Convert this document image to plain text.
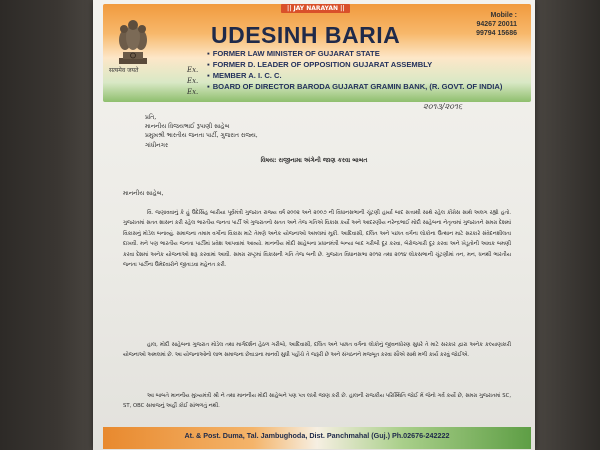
सत्यमेव जयते
|| JAY NARAYAN ||
UDESINH BARIA
Mobile :
94267 20011
99794 15686
▪ FORMER LAW MINISTER OF GUJARAT STATE
▪ FORMER D. LEADER OF OPPOSITION GUJARAT ASSEMBLY
▪ MEMBER A. I. C. C.
▪ BOARD OF DIRECTOR BARODA GUJARAT GRAMIN BANK, (R. GOVT. OF INDIA)
Ex.
Ex.
Ex.
૨૦૧૩/૨૦૧૬
પ્રતિ,
માનનીય વિજયભાઈ રૂપાણી સાહેબ
પ્રમુખશ્રી ભારતીય જનતા પાર્ટી, ગુજરાત રાજ્ય,
ગાંધીનગર
વિષય: રાજીનામા અંગેની જાણ કરવા બાબત
માનનીય સાહેબ,

વિ. જણાવવાનું કે હું ઉદેસિંહ બારીયા પૂર્વમંત્રી ગુજરાત રાજ્ય વર્ષ ૨૦૦૨ અને ૨૦૦૭ ની વિધાનસભાની ચૂંટણી હાર્યા બાદ સત્તાથી સાથે રહેલ કોંગ્રેસ સાથે અલગ રહ્યો હતો. ગુજરાતમાં સતત શાસન કરી રહેલ ભારતીય જનતા પાર્ટી એ ગુજરાતનો સતત અને તેજ ગતિએ વિકાસ કર્યો અને આદરણીય નરેન્દ્રભાઈ મોદી સાહેબના નેતૃત્વમાં ગુજરાતને સમગ્ર દેશમાં વિકાસનું મોડેલ બનાવ્યું. સમાજના તમામ વર્ગોના વિકાસ માટે તેમણે અનેક યોજનાઓ અમલમાં મૂકી. આદિવાસી, દલિત અને પછાત વર્ગના લોકોના ઉત્થાન માટે સરકારે સંવેદનશીલતા દાખવી. મને પણ ભારતીય જનતા પાર્ટીમાં પ્રવેશ આપવામાં આવ્યો. માનનીય મોદી સાહેબના પ્રધાનમંત્રી બન્યા બાદ ગરીબી દૂર કરવા, બેરોજગારી દૂર કરવા અને ખેડૂતોની આવક બમણી કરવા દેશમાં અનેક યોજનાઓ શરૂ કરવામાં આવી. સમગ્ર રાષ્ટ્રમાં વિકાસની ગતિ તેજ બની છે. ગુજરાત વિધાનસભા ૨૦૧૨ તથા ૨૦૧૪ લોકસભાની ચૂંટણીમાં તન, મન, ધનથી ભારતીય જનતા પાર્ટીના ઉમેદવારોને જીતાડવા મહેનત કરી.

હાલ, મોદી સાહેબના ગુજરાત મોડેલ તથા માર્ગદર્શન હેઠળ ગરીબો, આદિવાસી, દલિત અને પછાત વર્ગના લોકોનું જીવનધોરણ સુધરે તે માટે સરકાર દ્વારા અનેક કલ્યાણકારી યોજનાઓ અમલમાં છે. આ યોજનાઓનો લાભ સમાજના છેવાડાના માનવી સુધી પહોંચે તે જરૂરી છે અને સંગઠનને મજબૂત કરવા સૌએ સાથે મળી કાર્ય કરવું જોઈએ.

આ બાબતે માનનીય મુખ્યમંત્રી શ્રી ને તથા માનનીય મોદી સાહેબને પણ પત્ર લખી જાણ કરી છે. હાલની રાજકીય પરિસ્થિતિ જોઈ મેં જેનો ગર્વ કર્યો છે, સમગ્ર ગુજરાતમાં SC, ST, OBC સમાજનું અહીં કોઈ સાંભળતું નથી.

At. & Post. Duma, Tal. Jambughoda, Dist. Panchmahal (Guj.) Ph.02676-242222
